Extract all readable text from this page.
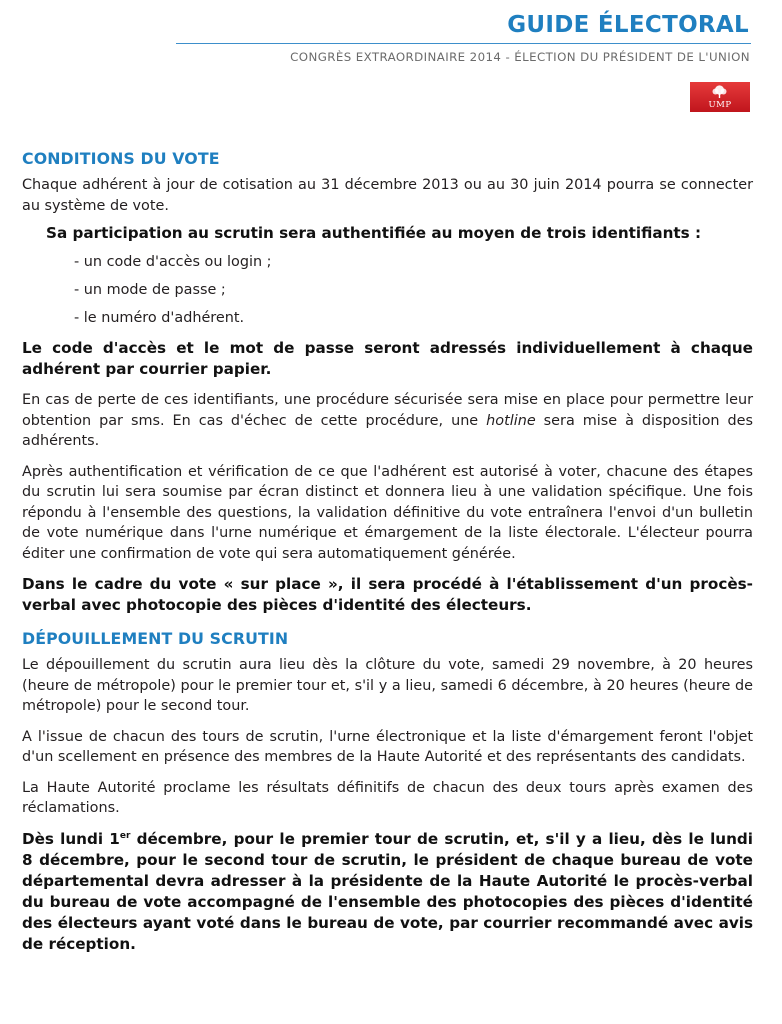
GUIDE ÉLECTORAL
CONGRÈS EXTRAORDINAIRE 2014 - ÉLECTION DU PRÉSIDENT DE L'UNION
UMP
CONDITIONS DU VOTE

Chaque adhérent à jour de cotisation au 31 décembre 2013 ou au 30 juin 2014 pourra se connecter au système de vote.

Sa participation au scrutin sera authentifiée au moyen de trois identifiants :

- un code d'accès ou login ;

- un mode de passe ;

- le numéro d'adhérent.

Le code d'accès et le mot de passe seront adressés individuellement à chaque adhérent par courrier papier.

En cas de perte de ces identifiants, une procédure sécurisée sera mise en place pour permettre leur obtention par sms. En cas d'échec de cette procédure, une hotline sera mise à disposition des adhérents.

Après authentification et vérification de ce que l'adhérent est autorisé à voter, chacune des étapes du scrutin lui sera soumise par écran distinct et donnera lieu à une validation spécifique. Une fois répondu à l'ensemble des questions, la validation définitive du vote entraînera l'envoi d'un bulletin de vote numérique dans l'urne numérique et émargement de la liste électorale. L'électeur pourra éditer une confirmation de vote qui sera automatiquement générée.

Dans le cadre du vote « sur place », il sera procédé à l'établissement d'un procès-verbal avec photocopie des pièces d'identité des électeurs.

DÉPOUILLEMENT DU SCRUTIN

Le dépouillement du scrutin aura lieu dès la clôture du vote, samedi 29 novembre, à 20 heures (heure de métropole) pour le premier tour et, s'il y a lieu, samedi 6 décembre, à 20 heures (heure de métropole) pour le second tour.

A l'issue de chacun des tours de scrutin, l'urne électronique et la liste d'émargement feront l'objet d'un scellement en présence des membres de la Haute Autorité et des représentants des candidats.

La Haute Autorité proclame les résultats définitifs de chacun des deux tours après examen des réclamations.

Dès lundi 1er décembre, pour le premier tour de scrutin, et, s'il y a lieu, dès le lundi 8 décembre, pour le second tour de scrutin, le président de chaque bureau de vote départemental devra adresser à la présidente de la Haute Autorité le procès-verbal du bureau de vote accompagné de l'ensemble des photocopies des pièces d'identité des électeurs ayant voté dans le bureau de vote, par courrier recommandé avec avis de réception.
